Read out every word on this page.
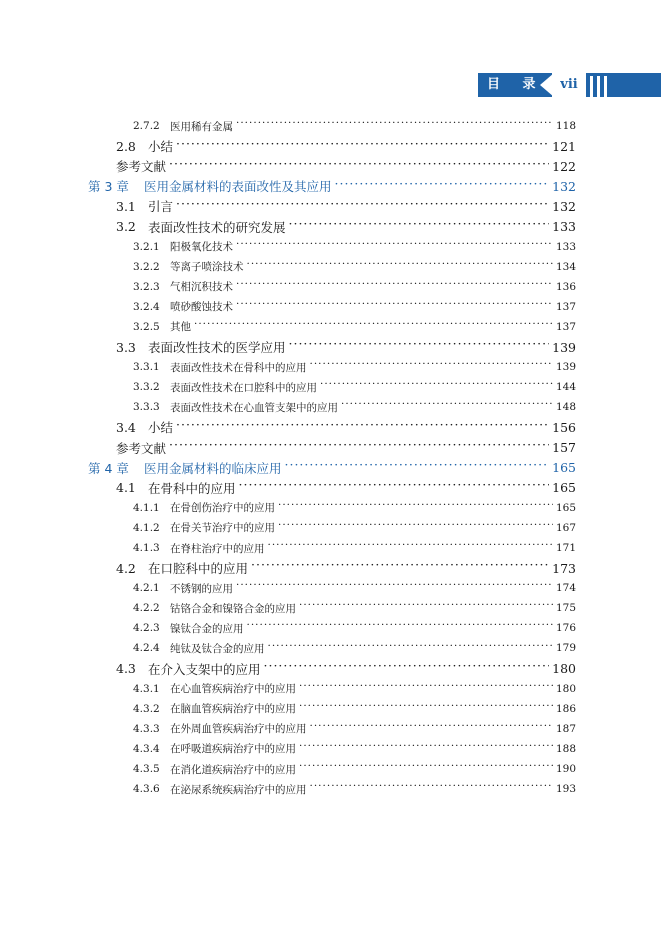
目 录	vii
2.7.2 医用稀有金属 ·····	118
2.8 小结 ·····	121
参考文献 ·····	122
第 3 章	医用金属材料的表面改性及其应用 ·····	132
3.1 引言 ·····	132
3.2 表面改性技术的研究发展 ·····	133
3.2.1 阳极氧化技术 ·····	133
3.2.2 等离子喷涂技术 ·····	134
3.2.3 气相沉积技术 ·····	136
3.2.4 喷砂酸蚀技术 ·····	137
3.2.5 其他 ·····	137
3.3 表面改性技术的医学应用 ·····	139
3.3.1 表面改性技术在骨科中的应用 ·····	139
3.3.2 表面改性技术在口腔科中的应用 ·····	144
3.3.3 表面改性技术在心血管支架中的应用 ·····	148
3.4 小结 ·····	156
参考文献 ·····	157
第 4 章	医用金属材料的临床应用 ·····	165
4.1 在骨科中的应用 ·····	165
4.1.1 在骨创伤治疗中的应用 ·····	165
4.1.2 在骨关节治疗中的应用 ·····	167
4.1.3 在脊柱治疗中的应用 ·····	171
4.2 在口腔科中的应用 ·····	173
4.2.1 不锈钢的应用 ·····	174
4.2.2 钴铬合金和镍铬合金的应用 ·····	175
4.2.3 镍钛合金的应用 ·····	176
4.2.4 纯钛及钛合金的应用 ·····	179
4.3 在介入支架中的应用 ·····	180
4.3.1 在心血管疾病治疗中的应用 ·····	180
4.3.2 在脑血管疾病治疗中的应用 ·····	186
4.3.3 在外周血管疾病治疗中的应用 ·····	187
4.3.4 在呼吸道疾病治疗中的应用 ·····	188
4.3.5 在消化道疾病治疗中的应用 ·····	190
4.3.6 在泌尿系统疾病治疗中的应用 ·····	193
